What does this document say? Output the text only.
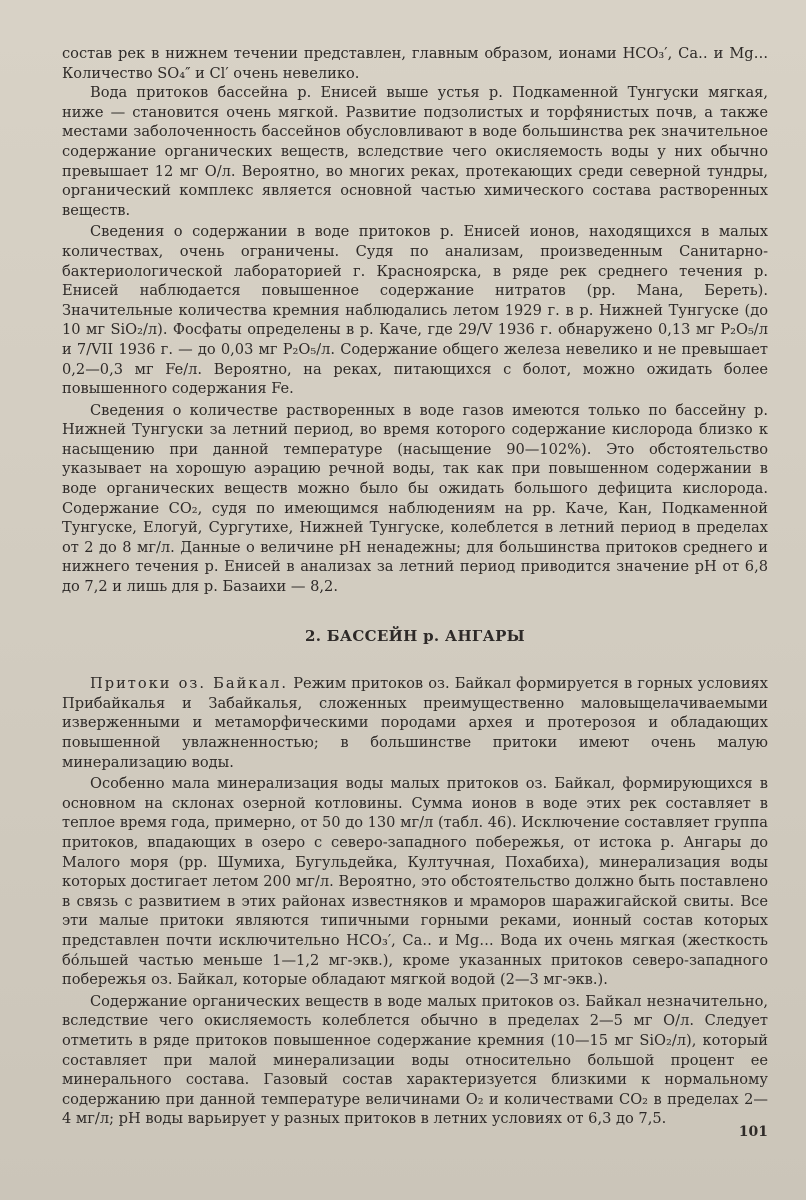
состав рек в нижнем течении представлен, главным образом, ионами HCO₃′, Ca‥ и Mg‥. Количество SO₄″ и Cl′ очень невелико.

Вода притоков бассейна р. Енисей выше устья р. Подкаменной Тунгуски мягкая, ниже — становится очень мягкой. Развитие подзолистых и торфянистых почв, а также местами заболоченность бассейнов обусловливают в воде большинства рек значительное содержание органических веществ, вследствие чего окисляемость воды у них обычно превышает 12 мг О/л. Вероятно, во многих реках, протекающих среди северной тундры, органический комплекс является основной частью химического состава растворенных веществ.

Сведения о содержании в воде притоков р. Енисей ионов, находящихся в малых количествах, очень ограничены. Судя по анализам, произведенным Санитарно-бактериологической лабораторией г. Красноярска, в ряде рек среднего течения р. Енисей наблюдается повышенное содержание нитратов (рр. Мана, Береть). Значительные количества кремния наблюдались летом 1929 г. в р. Нижней Тунгуске (до 10 мг SiO₂/л). Фосфаты определены в р. Каче, где 29/V 1936 г. обнаружено 0,13 мг P₂O₅/л и 7/VII 1936 г. — до 0,03 мг P₂O₅/л. Содержание общего железа невелико и не превышает 0,2—0,3 мг Fe/л. Вероятно, на реках, питающихся с болот, можно ожидать более повышенного содержания Fe.

Сведения о количестве растворенных в воде газов имеются только по бассейну р. Нижней Тунгуски за летний период, во время которого содержание кислорода близко к насыщению при данной температуре (насыщение 90—102%). Это обстоятельство указывает на хорошую аэрацию речной воды, так как при повышенном содержании в воде органических веществ можно было бы ожидать большого дефицита кислорода. Содержание CO₂, судя по имеющимся наблюдениям на рр. Каче, Кан, Подкаменной Тунгуске, Елогуй, Сургутихе, Нижней Тунгуске, колеблется в летний период в пределах от 2 до 8 мг/л. Данные о величине pH ненадежны; для большинства притоков среднего и нижнего течения р. Енисей в анализах за летний период приводится значение pH от 6,8 до 7,2 и лишь для р. Базаихи — 8,2.

2. БАССЕЙН р. АНГАРЫ

Притоки оз. Байкал. Режим притоков оз. Байкал формируется в горных условиях Прибайкалья и Забайкалья, сложенных преимущественно маловыщелачиваемыми изверженными и метаморфическими породами архея и протерозоя и обладающих повышенной увлажненностью; в большинстве притоки имеют очень малую минерализацию воды.

Особенно мала минерализация воды малых притоков оз. Байкал, формирующихся в основном на склонах озерной котловины. Сумма ионов в воде этих рек составляет в теплое время года, примерно, от 50 до 130 мг/л (табл. 46). Исключение составляет группа притоков, впадающих в озеро с северо-западного побережья, от истока р. Ангары до Малого моря (рр. Шумиха, Бугульдейка, Култучная, Похабиха), минерализация воды которых достигает летом 200 мг/л. Вероятно, это обстоятельство должно быть поставлено в связь с развитием в этих районах известняков и мраморов шаражигайской свиты. Все эти малые притоки являются типичными горными реками, ионный состав которых представлен почти исключительно HCO₃′, Ca‥ и Mg‥. Вода их очень мягкая (жесткость бо́льшей частью меньше 1—1,2 мг-экв.), кроме указанных притоков северо-западного побережья оз. Байкал, которые обладают мягкой водой (2—3 мг-экв.).

Содержание органических веществ в воде малых притоков оз. Байкал незначительно, вследствие чего окисляемость колеблется обычно в пределах 2—5 мг О/л. Следует отметить в ряде притоков повышенное содержание кремния (10—15 мг SiO₂/л), который составляет при малой минерализации воды относительно большой процент ее минерального состава. Газовый состав характеризуется близкими к нормальному содержанию при данной температуре величинами O₂ и количествами CO₂ в пределах 2—4 мг/л; pH воды варьирует у разных притоков в летних условиях от 6,3 до 7,5.

101
